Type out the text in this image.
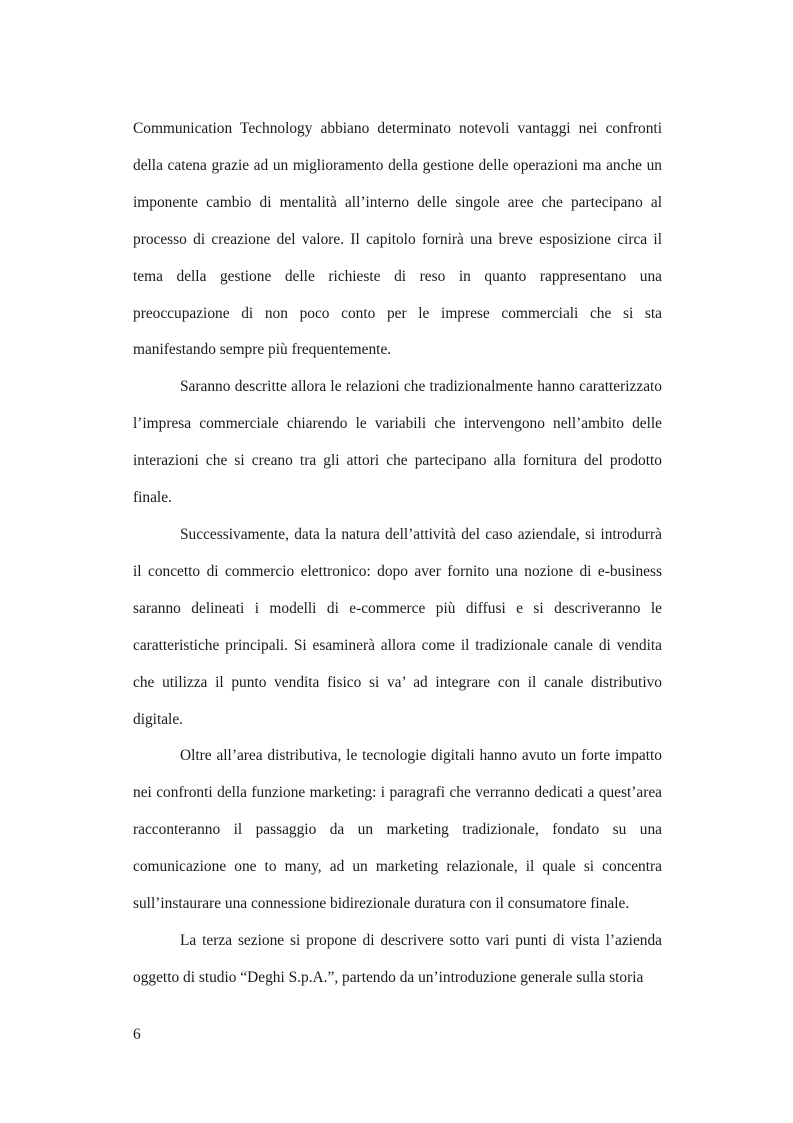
Communication Technology abbiano determinato notevoli vantaggi nei confronti della catena grazie ad un miglioramento della gestione delle operazioni ma anche un imponente cambio di mentalità all’interno delle singole aree che partecipano al processo di creazione del valore. Il capitolo fornirà una breve esposizione circa il tema della gestione delle richieste di reso in quanto rappresentano una preoccupazione di non poco conto per le imprese commerciali che si sta manifestando sempre più frequentemente.

Saranno descritte allora le relazioni che tradizionalmente hanno caratterizzato l’impresa commerciale chiarendo le variabili che intervengono nell’ambito delle interazioni che si creano tra gli attori che partecipano alla fornitura del prodotto finale.

Successivamente, data la natura dell’attività del caso aziendale, si introdurrà il concetto di commercio elettronico: dopo aver fornito una nozione di e-business saranno delineati i modelli di e-commerce più diffusi e si descriveranno le caratteristiche principali. Si esaminerà allora come il tradizionale canale di vendita che utilizza il punto vendita fisico si va’ ad integrare con il canale distributivo digitale.

Oltre all’area distributiva, le tecnologie digitali hanno avuto un forte impatto nei confronti della funzione marketing: i paragrafi che verranno dedicati a quest’area racconteranno il passaggio da un marketing tradizionale, fondato su una comunicazione one to many, ad un marketing relazionale, il quale si concentra sull’instaurare una connessione bidirezionale duratura con il consumatore finale.

La terza sezione si propone di descrivere sotto vari punti di vista l’azienda oggetto di studio “Deghi S.p.A.”, partendo da un’introduzione generale sulla storia

6
